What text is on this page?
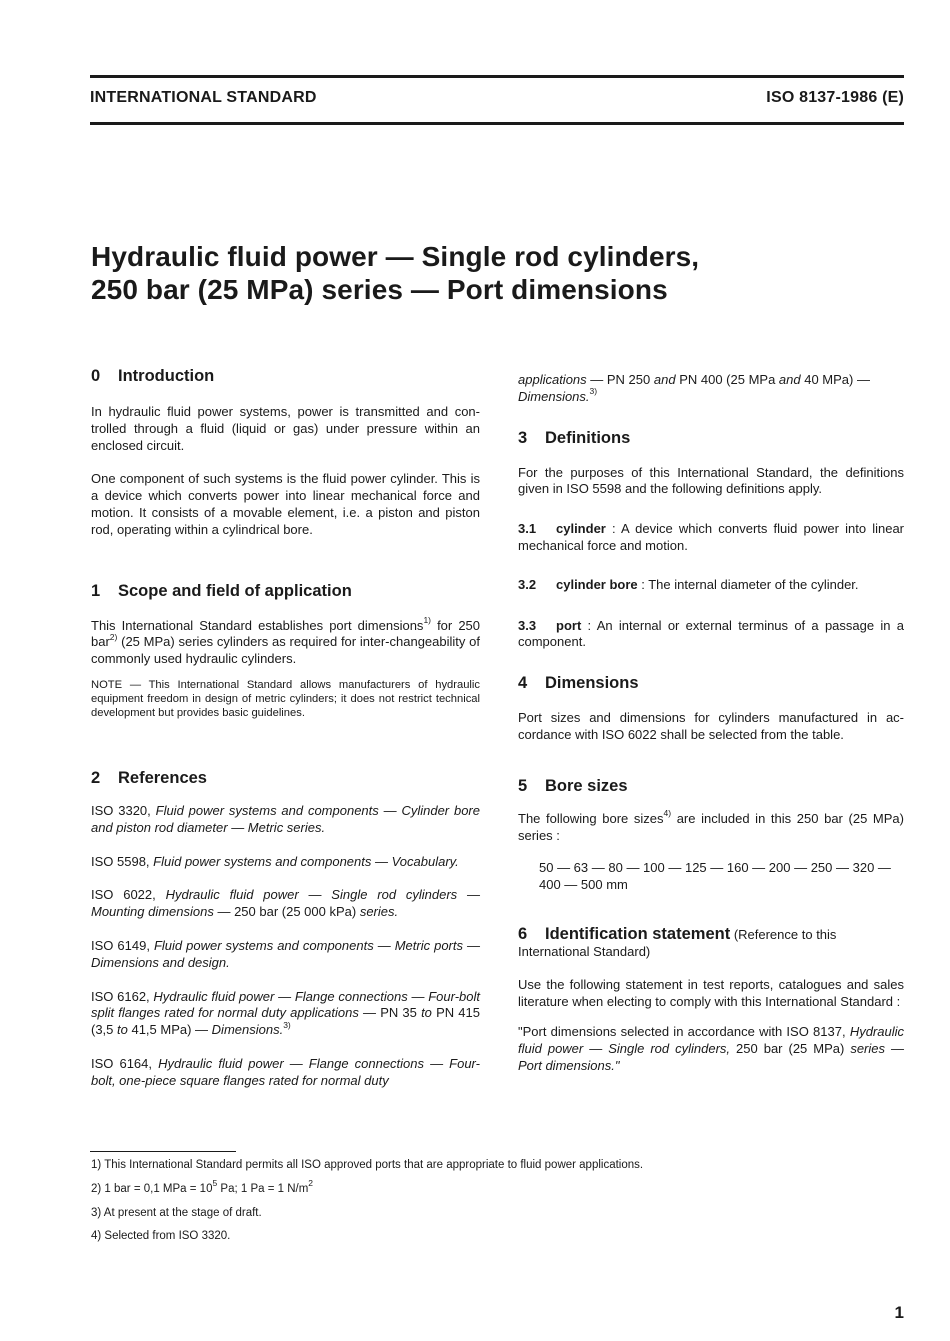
INTERNATIONAL STANDARD	ISO 8137-1986 (E)
Hydraulic fluid power — Single rod cylinders,
250 bar (25 MPa) series — Port dimensions
0 Introduction

In hydraulic fluid power systems, power is transmitted and con-trolled through a fluid (liquid or gas) under pressure within an enclosed circuit.

One component of such systems is the fluid power cylinder. This is a device which converts power into linear mechanical force and motion. It consists of a movable element, i.e. a piston and piston rod, operating within a cylindrical bore.

1 Scope and field of application

This International Standard establishes port dimensions$^{1)}$ for 250 bar$^{2)}$ (25 MPa) series cylinders as required for inter-changeability of commonly used hydraulic cylinders.

NOTE — This International Standard allows manufacturers of hydraulic equipment freedom in design of metric cylinders; it does not restrict technical development but provides basic guidelines.

2 References

ISO 3320, Fluid power systems and components — Cylinder bore and piston rod diameter — Metric series.

ISO 5598, Fluid power systems and components — Vocabulary.

ISO 6022, Hydraulic fluid power — Single rod cylinders — Mounting dimensions — 250 bar (25 000 kPa) series.

ISO 6149, Fluid power systems and components — Metric ports — Dimensions and design.

ISO 6162, Hydraulic fluid power — Flange connections — Four-bolt split flanges rated for normal duty applications — PN 35 to PN 415 (3,5 to 41,5 MPa) — Dimensions.$^{3)}$

ISO 6164, Hydraulic fluid power — Flange connections — Four-bolt, one-piece square flanges rated for normal duty

applications — PN 250 and PN 400 (25 MPa and 40 MPa) — Dimensions.$^{3)}$

3 Definitions

For the purposes of this International Standard, the definitions given in ISO 5598 and the following definitions apply.

3.1 cylinder : A device which converts fluid power into linear mechanical force and motion.

3.2 cylinder bore : The internal diameter of the cylinder.

3.3 port : An internal or external terminus of a passage in a component.

4 Dimensions

Port sizes and dimensions for cylinders manufactured in ac-cordance with ISO 6022 shall be selected from the table.

5 Bore sizes

The following bore sizes$^{4)}$ are included in this 250 bar (25 MPa) series :

50 — 63 — 80 — 100 — 125 — 160 — 200 — 250 — 320 —
400 — 500 mm

6 Identification statement (Reference to this International Standard)

Use the following statement in test reports, catalogues and sales literature when electing to comply with this International Standard :

"Port dimensions selected in accordance with ISO 8137, Hydraulic fluid power — Single rod cylinders, 250 bar (25 MPa) series — Port dimensions."

1) This International Standard permits all ISO approved ports that are appropriate to fluid power applications.
2) 1 bar = 0,1 MPa = $10^5$ Pa; 1 Pa = 1 $N/m^2$
3) At present at the stage of draft.
4) Selected from ISO 3320.
1
